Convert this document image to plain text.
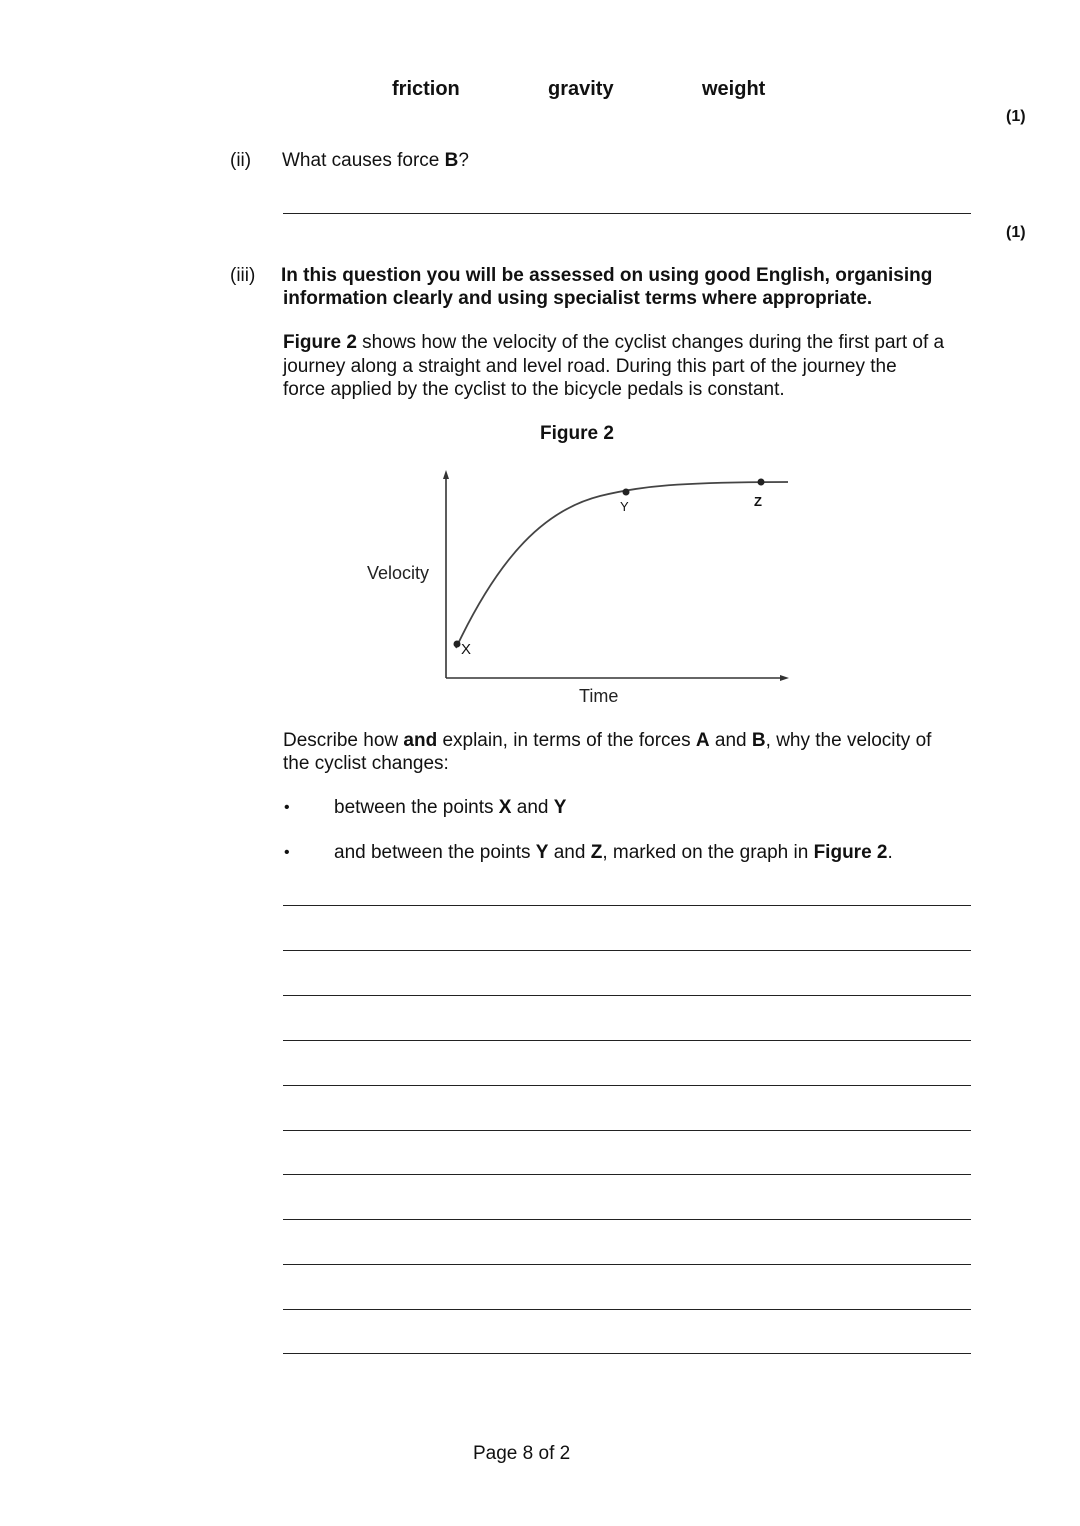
friction	gravity	weight
(1)
(ii) What causes force B?
(1)
(iii) In this question you will be assessed on using good English, organising
information clearly and using specialist terms where appropriate.
Figure 2 shows how the velocity of the cyclist changes during the first part of a
journey along a straight and level road. During this part of the journey the
force applied by the cyclist to the bicycle pedals is constant.
Figure 2
X
Y	Z
Velocity
Time
Describe how and explain, in terms of the forces A and B, why the velocity of
the cyclist changes:
• between the points X and Y
• and between the points Y and Z, marked on the graph in Figure 2.
Page 8 of 2
